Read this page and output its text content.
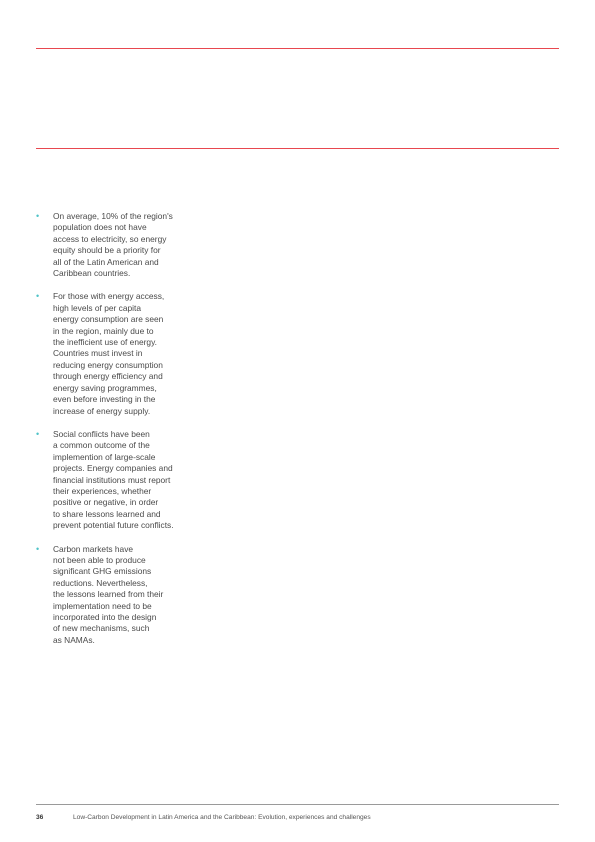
• On average, 10% of the region's
population does not have
access to electricity, so energy
equity should be a priority for
all of the Latin American and
Caribbean countries.
• For those with energy access,
high levels of per capita
energy consumption are seen
in the region, mainly due to
the inefficient use of energy.
Countries must invest in
reducing energy consumption
through energy efficiency and
energy saving programmes,
even before investing in the
increase of energy supply.
• Social conflicts have been
a common outcome of the
implemention of large-scale
projects. Energy companies and
financial institutions must report
their experiences, whether
positive or negative, in order
to share lessons learned and
prevent potential future conflicts.
• Carbon markets have
not been able to produce
significant GHG emissions
reductions. Nevertheless,
the lessons learned from their
implementation need to be
incorporated into the design
of new mechanisms, such
as NAMAs.
36	Low-Carbon Development in Latin America and the Caribbean: Evolution, experiences and challenges
